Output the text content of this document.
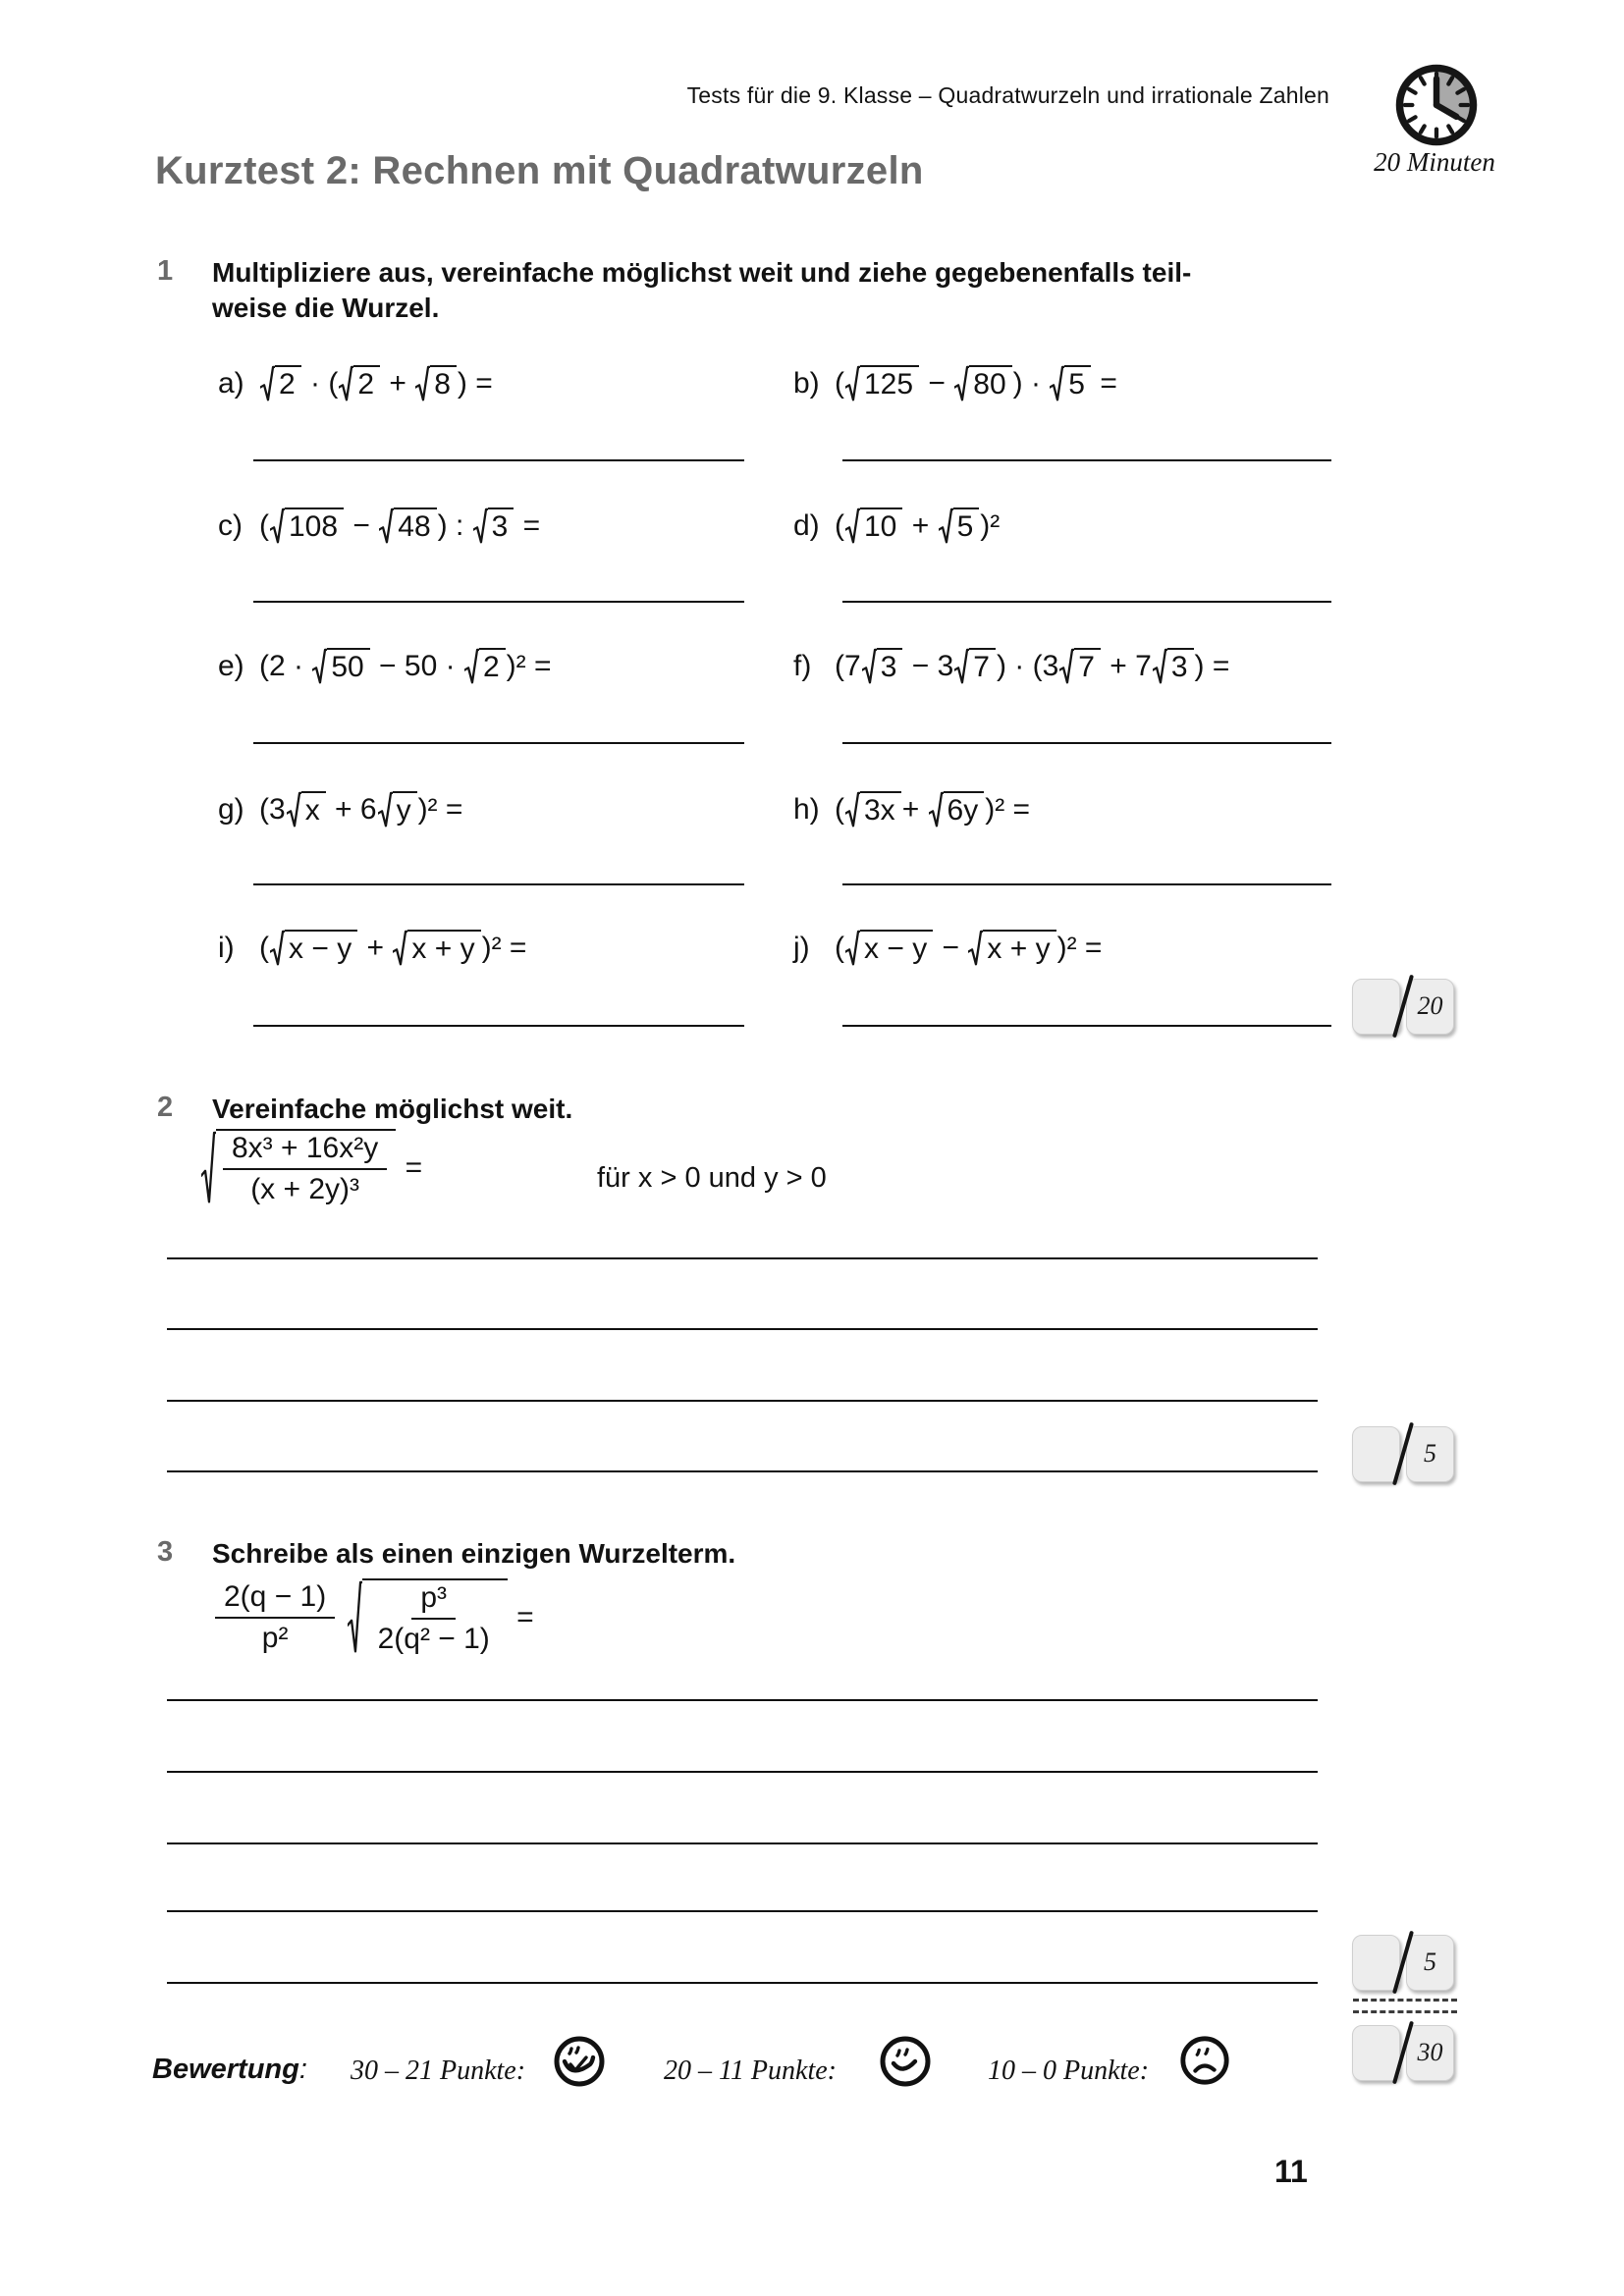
Tests für die 9. Klasse – Quadratwurzeln und irrationale Zahlen
20 Minuten
Kurztest 2: Rechnen mit Quadratwurzeln
1 Multipliziere aus, vereinfache möglichst weit und ziehe gegebenenfalls teil-
weise die Wurzel.
a)	2 · ( 2 + 8 ) =	b) ( 125 − 80 ) · 5 =
c) ( 108 − 48 ) : 3 =	d) ( 10 + 5 )²
e) (2 · 50 − 50 · 2 )² =	f) (7 3 − 3 7 ) · (3 7 + 7 3 ) =
g) (3 x + 6 y )² =	h) ( 3x + 6y )² =
i) ( x − y + x + y )² =	j) ( x − y − x + y )² =
20
2 Vereinfache möglichst weit.
$\frac{\text{8x³ + 16x²y}}{\text{(x + 2y)³}}$ =	für x > 0 und y > 0
5
3 Schreibe als einen einzigen Wurzelterm.
$\frac{2(q - 1)}{\text{p²}}$
$\frac{\text{p³}}{\text{2(q² − 1)}}$ =
5
30
Bewertung: 30 – 21 Punkte:	20 – 11 Punkte:	10 – 0 Punkte:
11
